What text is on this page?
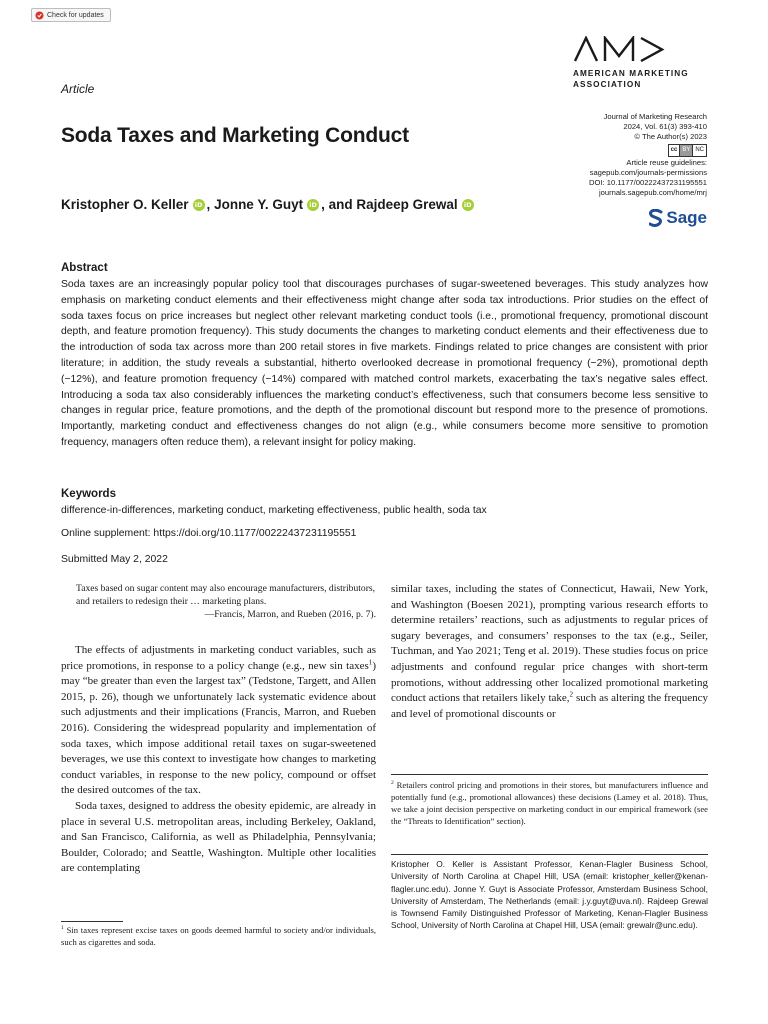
Check for updates
AMERICAN MARKETING
ASSOCIATION
Article
Soda Taxes and Marketing Conduct
Journal of Marketing Research
2024, Vol. 61(3) 393-410
© The Author(s) 2023
cc BY NC
Article reuse guidelines:
sagepub.com/journals-permissions
DOI: 10.1177/00222437231195551
journals.sagepub.com/home/mrj
Sage
Kristopher O. Keller iD , Jonne Y. Guyt iD , and Rajdeep Grewal iD
Abstract
Soda taxes are an increasingly popular policy tool that discourages purchases of sugar-sweetened beverages. This study analyzes how emphasis on marketing conduct elements and their effectiveness might change after soda tax introductions. Prior studies on the effect of soda taxes focus on price increases but neglect other relevant marketing conduct tools (i.e., promotional frequency, promotional discount depth, and feature promotion frequency). This study documents the changes to marketing conduct elements and their effectiveness due to the introduction of soda tax across more than 200 retail stores in five markets. Findings related to price changes are consistent with prior literature; in addition, the study reveals a substantial, hitherto overlooked decrease in promotional frequency (−2%), promotional depth (−12%), and feature promotion frequency (−14%) compared with matched control markets, exacerbating the tax’s negative sales effect. Introducing a soda tax also considerably influences the marketing conduct’s effectiveness, such that consumers become less sensitive to changes in regular price, feature promotions, and the depth of the promotional discount but respond more to the presence of promotions. Importantly, marketing conduct and effectiveness changes do not align (e.g., while consumers become more sensitive to promotion frequency, managers often reduce them), a relevant insight for policy making.
Keywords
difference-in-differences, marketing conduct, marketing effectiveness, public health, soda tax
Online supplement: https://doi.org/10.1177/00222437231195551
Submitted May 2, 2022
Taxes based on sugar content may also encourage manufacturers, distributors, and retailers to redesign their … marketing plans.
—Francis, Marron, and Rueben (2016, p. 7).

The effects of adjustments in marketing conduct variables, such as price promotions, in response to a policy change (e.g., new sin taxes$^1$) may “be greater than even the largest tax” (Tedstone, Targett, and Allen 2015, p. 26), though we unfortunately lack systematic evidence about such adjustments and their implications (Francis, Marron, and Rueben 2016). Considering the widespread popularity and implementation of soda taxes, which impose additional retail taxes on sugar-sweetened beverages, we use this context to investigate how changes to marketing conduct variables, in response to the new policy, compound or offset the desired outcomes of the tax.

Soda taxes, designed to address the obesity epidemic, are already in place in several U.S. metropolitan areas, including Berkeley, Oakland, and San Francisco, California, as well as Philadelphia, Pennsylvania; Boulder, Colorado; and Seattle, Washington. Multiple other localities are contemplating

$^1$ Sin taxes represent excise taxes on goods deemed harmful to society and/or individuals, such as cigarettes and soda.

similar taxes, including the states of Connecticut, Hawaii, New York, and Washington (Boesen 2021), prompting various research efforts to determine retailers’ reactions, such as adjustments to regular prices of sugary beverages, and consumers’ responses to the tax (e.g., Seiler, Tuchman, and Yao 2021; Teng et al. 2019). These studies focus on price adjustments and confound regular price changes with short-term promotions, without addressing other localized promotional marketing conduct actions that retailers likely take,$^2$ such as altering the frequency and level of promotional discounts or

$^2$ Retailers control pricing and promotions in their stores, but manufacturers influence and potentially fund (e.g., promotional allowances) these decisions (Lamey et al. 2018). Thus, we take a joint decision perspective on marketing conduct in our empirical framework (see the “Threats to Identification” section).
Kristopher O. Keller is Assistant Professor, Kenan-Flagler Business School, University of North Carolina at Chapel Hill, USA (email: kristopher_keller@kenan-flagler.unc.edu). Jonne Y. Guyt is Associate Professor, Amsterdam Business School, University of Amsterdam, The Netherlands (email: j.y.guyt@uva.nl). Rajdeep Grewal is Townsend Family Distinguished Professor of Marketing, Kenan-Flagler Business School, University of North Carolina at Chapel Hill, USA (email: grewalr@unc.edu).
